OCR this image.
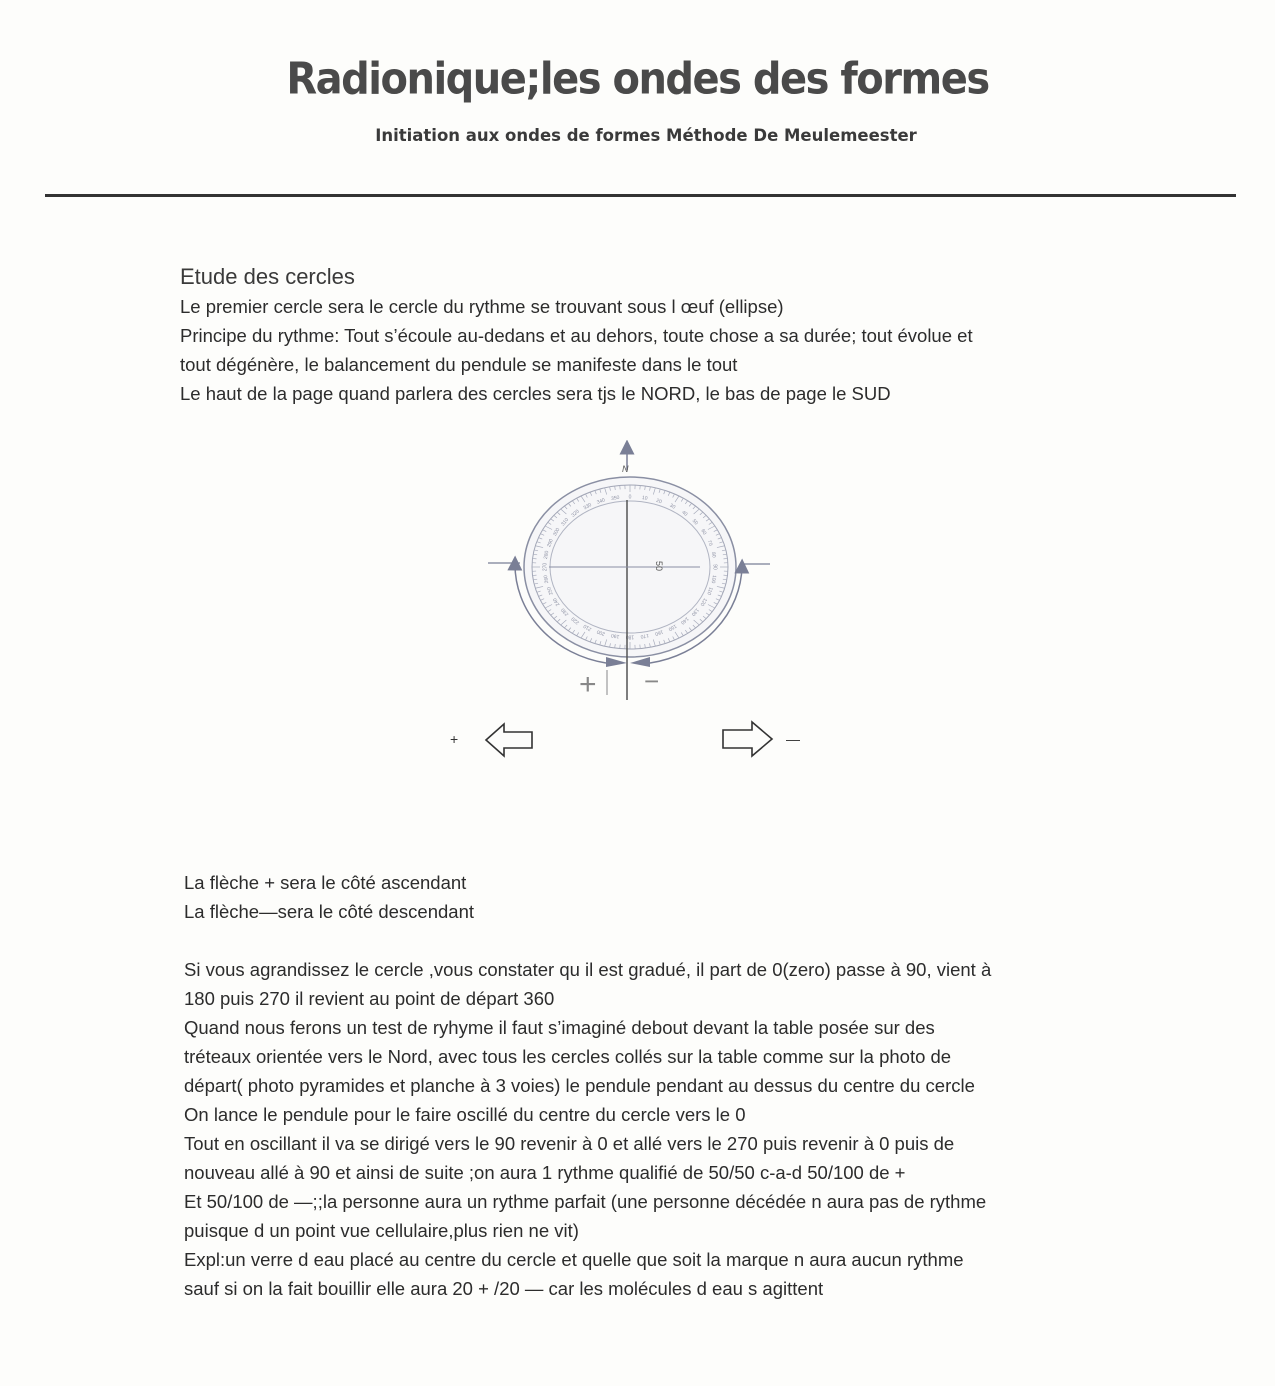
Radionique;les ondes des formes
Initiation aux ondes de formes Méthode De Meulemeester

Etude des cercles

Le premier cercle sera le cercle du rythme se trouvant sous l œuf (ellipse)

Principe du rythme: Tout s’écoule au-dedans et au dehors, toute chose a sa durée; tout évolue et

tout dégénère, le balancement du pendule se manifeste dans le tout

Le haut de la page quand parlera des cercles sera tjs le NORD, le bas de page le SUD

N
0 10 20
30
40
50
60
70
80
90
100
110
120
130
140
150
160
170
180
190
200
210
220
230
240
250
260
270
280
290
300
310
320
330
340 350
50
+ −
+	—

La flèche + sera le côté ascendant

La flèche—sera le côté descendant

Si vous agrandissez le cercle ,vous constater qu il est gradué, il part de 0(zero) passe à 90, vient à

180 puis 270 il revient au point de départ 360

Quand nous ferons un test de ryhyme il faut s’imaginé debout devant la table posée sur des

tréteaux orientée vers le Nord, avec tous les cercles collés sur la table comme sur la photo de

départ( photo pyramides et planche à 3 voies) le pendule pendant au dessus du centre du cercle

On lance le pendule pour le faire oscillé du centre du cercle vers le 0

Tout en oscillant il va se dirigé vers le 90 revenir à 0 et allé vers le 270 puis revenir à 0 puis de

nouveau allé à 90 et ainsi de suite ;on aura 1 rythme qualifié de 50/50 c-a-d 50/100 de +

Et 50/100 de —;;la personne aura un rythme parfait (une personne décédée n aura pas de rythme

puisque d un point vue cellulaire,plus rien ne vit)

Expl:un verre d eau placé au centre du cercle et quelle que soit la marque n aura aucun rythme

sauf si on la fait bouillir elle aura 20 + /20 — car les molécules d eau s agittent
